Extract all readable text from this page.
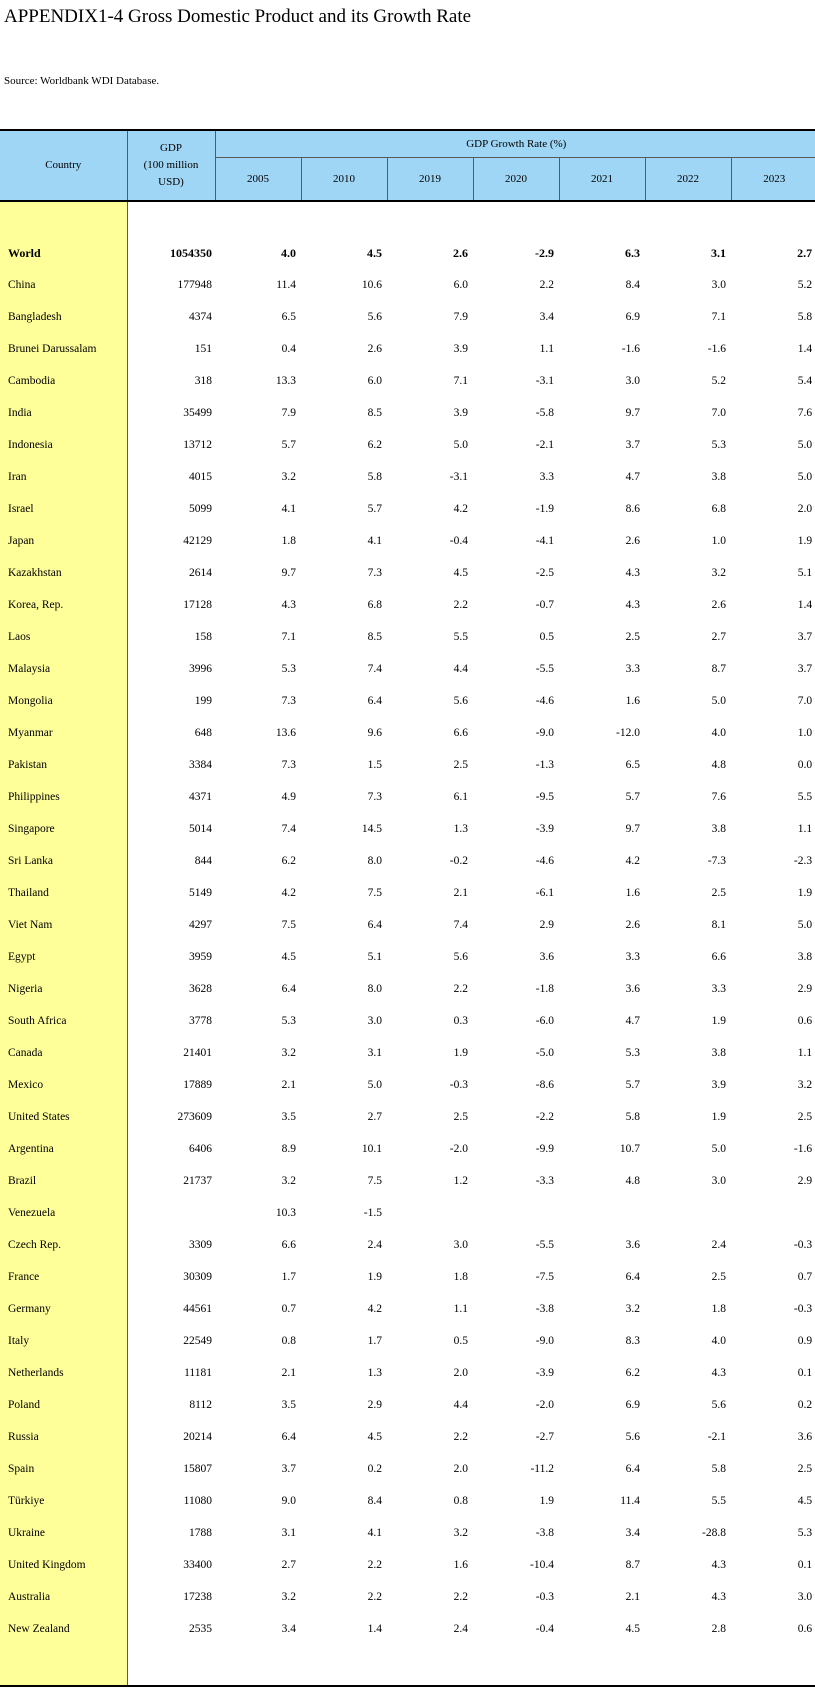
APPENDIX1-4 Gross Domestic Product and its Growth Rate
Source: Worldbank WDI Database.
Country	GDP
(100 million
USD)	GDP Growth Rate (%)						
		2005	2010	2019	2020	2021	2022	2023

World	1054350	4.0	4.5	2.6	-2.9	6.3	3.1	2.7
China	177948	11.4	10.6	6.0	2.2	8.4	3.0	5.2
Bangladesh	4374	6.5	5.6	7.9	3.4	6.9	7.1	5.8
Brunei Darussalam	151	0.4	2.6	3.9	1.1	-1.6	-1.6	1.4
Cambodia	318	13.3	6.0	7.1	-3.1	3.0	5.2	5.4
India	35499	7.9	8.5	3.9	-5.8	9.7	7.0	7.6
Indonesia	13712	5.7	6.2	5.0	-2.1	3.7	5.3	5.0
Iran	4015	3.2	5.8	-3.1	3.3	4.7	3.8	5.0
Israel	5099	4.1	5.7	4.2	-1.9	8.6	6.8	2.0
Japan	42129	1.8	4.1	-0.4	-4.1	2.6	1.0	1.9
Kazakhstan	2614	9.7	7.3	4.5	-2.5	4.3	3.2	5.1
Korea, Rep.	17128	4.3	6.8	2.2	-0.7	4.3	2.6	1.4
Laos	158	7.1	8.5	5.5	0.5	2.5	2.7	3.7
Malaysia	3996	5.3	7.4	4.4	-5.5	3.3	8.7	3.7
Mongolia	199	7.3	6.4	5.6	-4.6	1.6	5.0	7.0
Myanmar	648	13.6	9.6	6.6	-9.0	-12.0	4.0	1.0
Pakistan	3384	7.3	1.5	2.5	-1.3	6.5	4.8	0.0
Philippines	4371	4.9	7.3	6.1	-9.5	5.7	7.6	5.5
Singapore	5014	7.4	14.5	1.3	-3.9	9.7	3.8	1.1
Sri Lanka	844	6.2	8.0	-0.2	-4.6	4.2	-7.3	-2.3
Thailand	5149	4.2	7.5	2.1	-6.1	1.6	2.5	1.9
Viet Nam	4297	7.5	6.4	7.4	2.9	2.6	8.1	5.0
Egypt	3959	4.5	5.1	5.6	3.6	3.3	6.6	3.8
Nigeria	3628	6.4	8.0	2.2	-1.8	3.6	3.3	2.9
South Africa	3778	5.3	3.0	0.3	-6.0	4.7	1.9	0.6
Canada	21401	3.2	3.1	1.9	-5.0	5.3	3.8	1.1
Mexico	17889	2.1	5.0	-0.3	-8.6	5.7	3.9	3.2
United States	273609	3.5	2.7	2.5	-2.2	5.8	1.9	2.5
Argentina	6406	8.9	10.1	-2.0	-9.9	10.7	5.0	-1.6
Brazil	21737	3.2	7.5	1.2	-3.3	4.8	3.0	2.9
Venezuela		10.3	-1.5					
Czech Rep.	3309	6.6	2.4	3.0	-5.5	3.6	2.4	-0.3
France	30309	1.7	1.9	1.8	-7.5	6.4	2.5	0.7
Germany	44561	0.7	4.2	1.1	-3.8	3.2	1.8	-0.3
Italy	22549	0.8	1.7	0.5	-9.0	8.3	4.0	0.9
Netherlands	11181	2.1	1.3	2.0	-3.9	6.2	4.3	0.1
Poland	8112	3.5	2.9	4.4	-2.0	6.9	5.6	0.2
Russia	20214	6.4	4.5	2.2	-2.7	5.6	-2.1	3.6
Spain	15807	3.7	0.2	2.0	-11.2	6.4	5.8	2.5
Türkiye	11080	9.0	8.4	0.8	1.9	11.4	5.5	4.5
Ukraine	1788	3.1	4.1	3.2	-3.8	3.4	-28.8	5.3
United Kingdom	33400	2.7	2.2	1.6	-10.4	8.7	4.3	0.1
Australia	17238	3.2	2.2	2.2	-0.3	2.1	4.3	3.0
New Zealand	2535	3.4	1.4	2.4	-0.4	4.5	2.8	0.6
